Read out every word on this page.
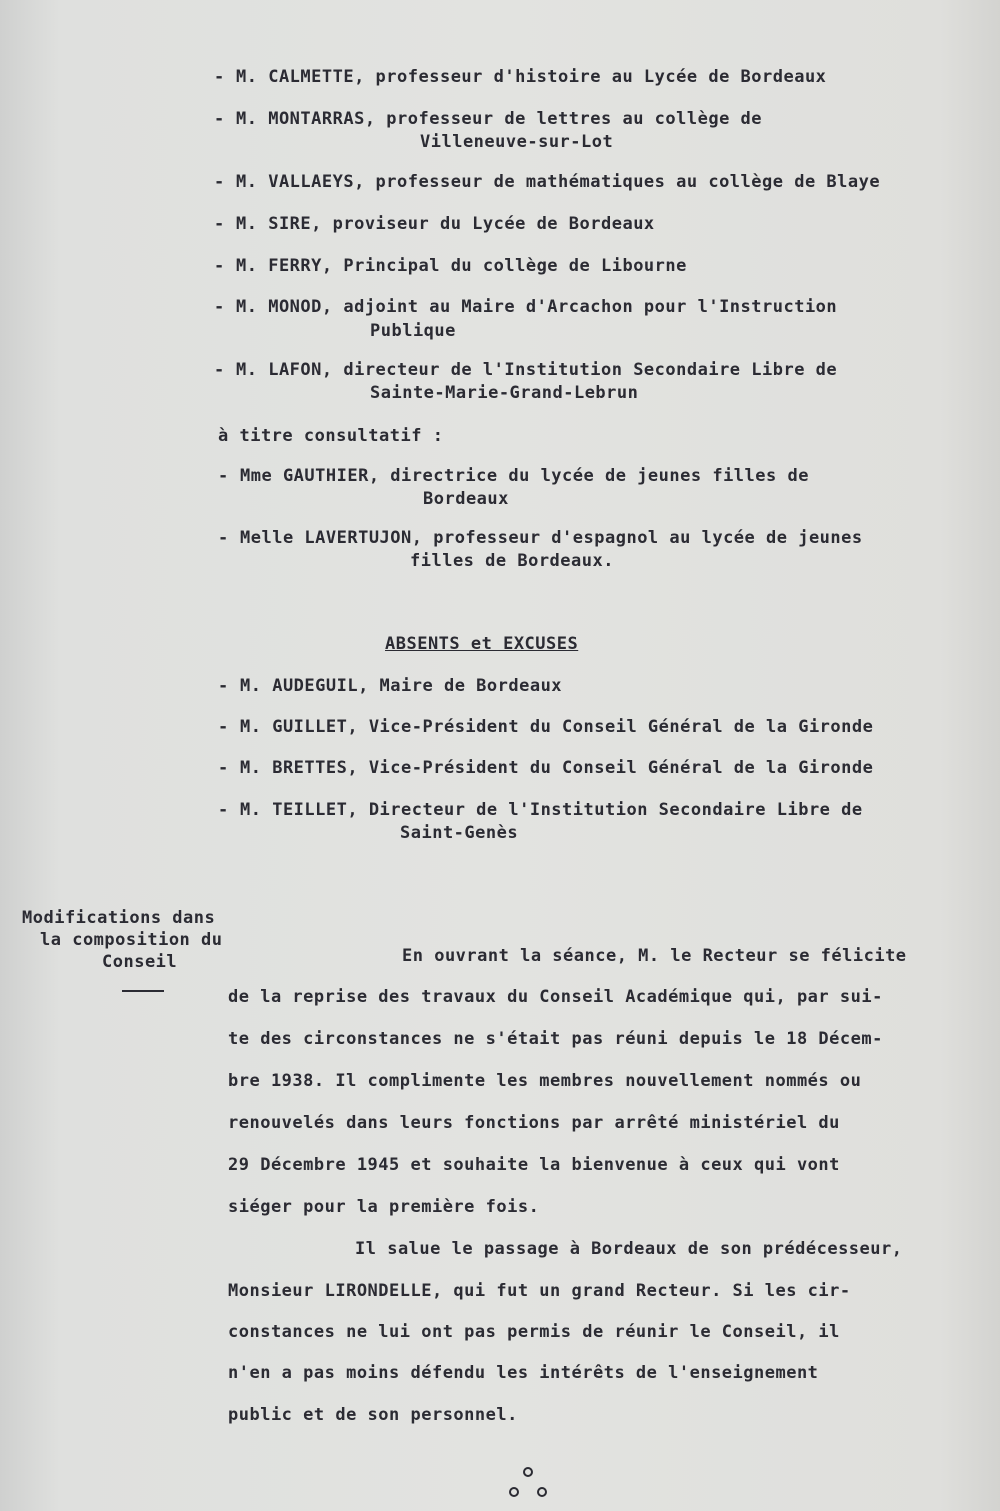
- M. CALMETTE, professeur d'histoire au Lycée de Bordeaux

- M. MONTARRAS, professeur de lettres au collège de

Villeneuve-sur-Lot

- M. VALLAEYS, professeur de mathématiques au collège de Blaye

- M. SIRE, proviseur du Lycée de Bordeaux

- M. FERRY, Principal du collège de Libourne

- M. MONOD, adjoint au Maire d'Arcachon pour l'Instruction

Publique

- M. LAFON, directeur de l'Institution Secondaire Libre de

Sainte-Marie-Grand-Lebrun

à titre consultatif :

- Mme GAUTHIER, directrice du lycée de jeunes filles de

Bordeaux

- Melle LAVERTUJON, professeur d'espagnol au lycée de jeunes

filles de Bordeaux.

ABSENTS et EXCUSES

- M. AUDEGUIL, Maire de Bordeaux

- M. GUILLET, Vice-Président du Conseil Général de la Gironde

- M. BRETTES, Vice-Président du Conseil Général de la Gironde

- M. TEILLET, Directeur de l'Institution Secondaire Libre de

Saint-Genès

Modifications dans

la composition du

Conseil	En ouvrant la séance, M. le Recteur se félicite

de la reprise des travaux du Conseil Académique qui, par sui-

te des circonstances ne s'était pas réuni depuis le 18 Décem-

bre 1938. Il complimente les membres nouvellement nommés ou

renouvelés dans leurs fonctions par arrêté ministériel du

29 Décembre 1945 et souhaite la bienvenue à ceux qui vont

siéger pour la première fois.

Il salue le passage à Bordeaux de son prédécesseur,

Monsieur LIRONDELLE, qui fut un grand Recteur. Si les cir-

constances ne lui ont pas permis de réunir le Conseil, il

n'en a pas moins défendu les intérêts de l'enseignement

public et de son personnel.
